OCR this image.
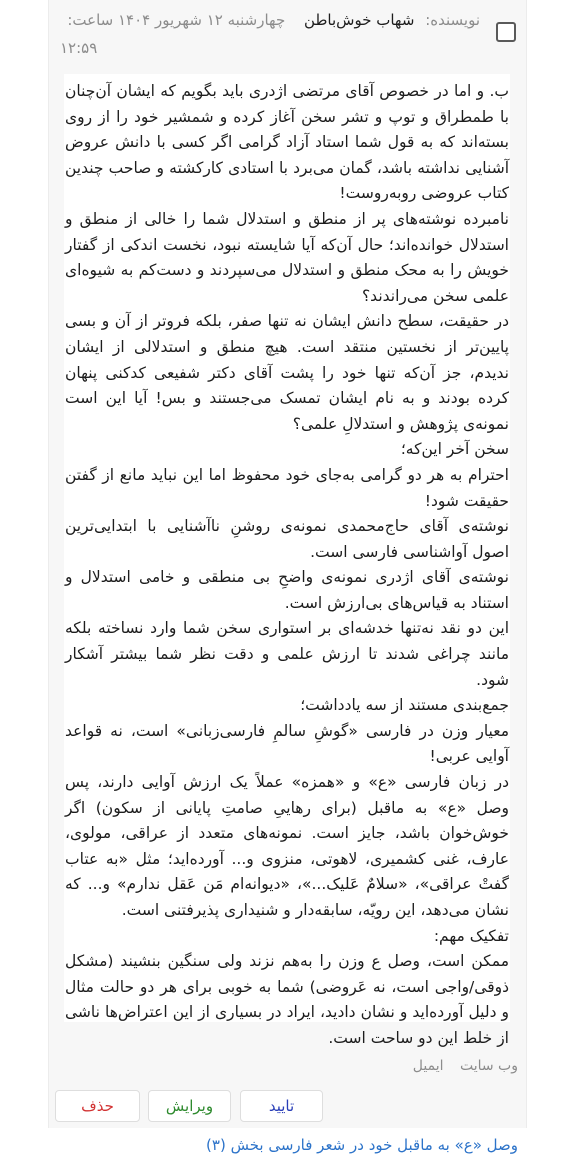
نویسنده: شهاب خوش‌باطن چهارشنبه ۱۲ شهریور ۱۴۰۴ ساعت:
۱۲:۵۹

ب. و اما در خصوص آقای مرتضی اژدری باید بگویم که ایشان آن‌چنان با طمطراق و توپ و تشر سخن آغاز کرده و شمشیر خود را از روی بسته‌اند که به قول شما استاد آزاد گرامی اگر کسی با دانش عروض آشنایی نداشته باشد، گمان می‌برد با استادی کارکشته و صاحب چندین کتاب عروضی روبه‌روست!

نامبرده نوشته‌های پر از منطق و استدلال شما را خالی از منطق و استدلال خوانده‌اند؛ حال آن‌که آیا شایسته نبود، نخست اندکی از گفتار خویش را به محک منطق و استدلال می‌سپردند و دست‌کم به شیوه‌ای علمی سخن می‌راندند؟

در حقیقت، سطح دانش ایشان نه تنها صفر، بلکه فروتر از آن و بسی پایین‌تر از نخستین منتقد است. هیچ منطق و استدلالی از ایشان ندیدم، جز آن‌که تنها خود را پشت آقای دکتر شفیعی کدکنی پنهان کرده بودند و به نام ایشان تمسک می‌جستند و بس! آیا این است نمونه‌ی پژوهش و استدلالِ علمی؟

سخن آخر این‌که؛

احترام به هر دو گرامی به‌جای خود محفوظ اما این نباید مانع از گفتن حقیقت شود!

نوشته‌ی آقای حاج‌محمدی نمونه‌ی روشنِ ناآشنایی با ابتدایی‌ترین اصول آواشناسی فارسی است.

نوشته‌ی آقای اژدری نمونه‌ی واضحِ بی منطقی و خامی استدلال و استناد به قیاس‌های بی‌ارزش است.

این دو نقد نه‌تنها خدشه‌ای بر استواری سخن شما وارد نساخته بلکه مانند چراغی شدند تا ارزش علمی و دقت نظر شما بیشتر آشکار شود.

جمع‌بندی مستند از سه یادداشت؛

معیار وزن در فارسی «گوشِ سالمِ فارسی‌زبانی» است، نه قواعد آوایی عربی!

در زبان فارسی «ع» و «همزه» عملاً یک ارزش آوایی دارند، پس وصل «ع» به ماقبل (برای رهاییِ صامتِ پایانی از سکون) اگر خوش‌خوان باشد، جایز است. نمونه‌های متعدد از عراقی، مولوی، عارف، غنی کشمیری، لاهوتی، منزوی و... آورده‌اید؛ مثل «به عتاب گفتْ عراقی»، «سلامٌ عَلیک...»، «دیوانه‌ام مَن عَقل ندارم» و... که نشان می‌دهد، این رویّه، سابقه‌دار و شنیداری پذیرفتنی است.

تفکیک مهم:

ممکن است، وصل ع وزن را به‌هم نزند ولی سنگین بنشیند (مشکل ذوقی/واجی است، نه عَروضی) شما به خوبی برای هر دو حالت مثال و دلیل آورده‌اید و نشان دادید، ایراد در بسیاری از این اعتراض‌ها ناشی از خلط این دو ساحت است.

وب سایت ایمیل
تایید
ویرایش
حذف
وصل «ع» به ماقبل خود در شعر فارسی بخش (۳)
